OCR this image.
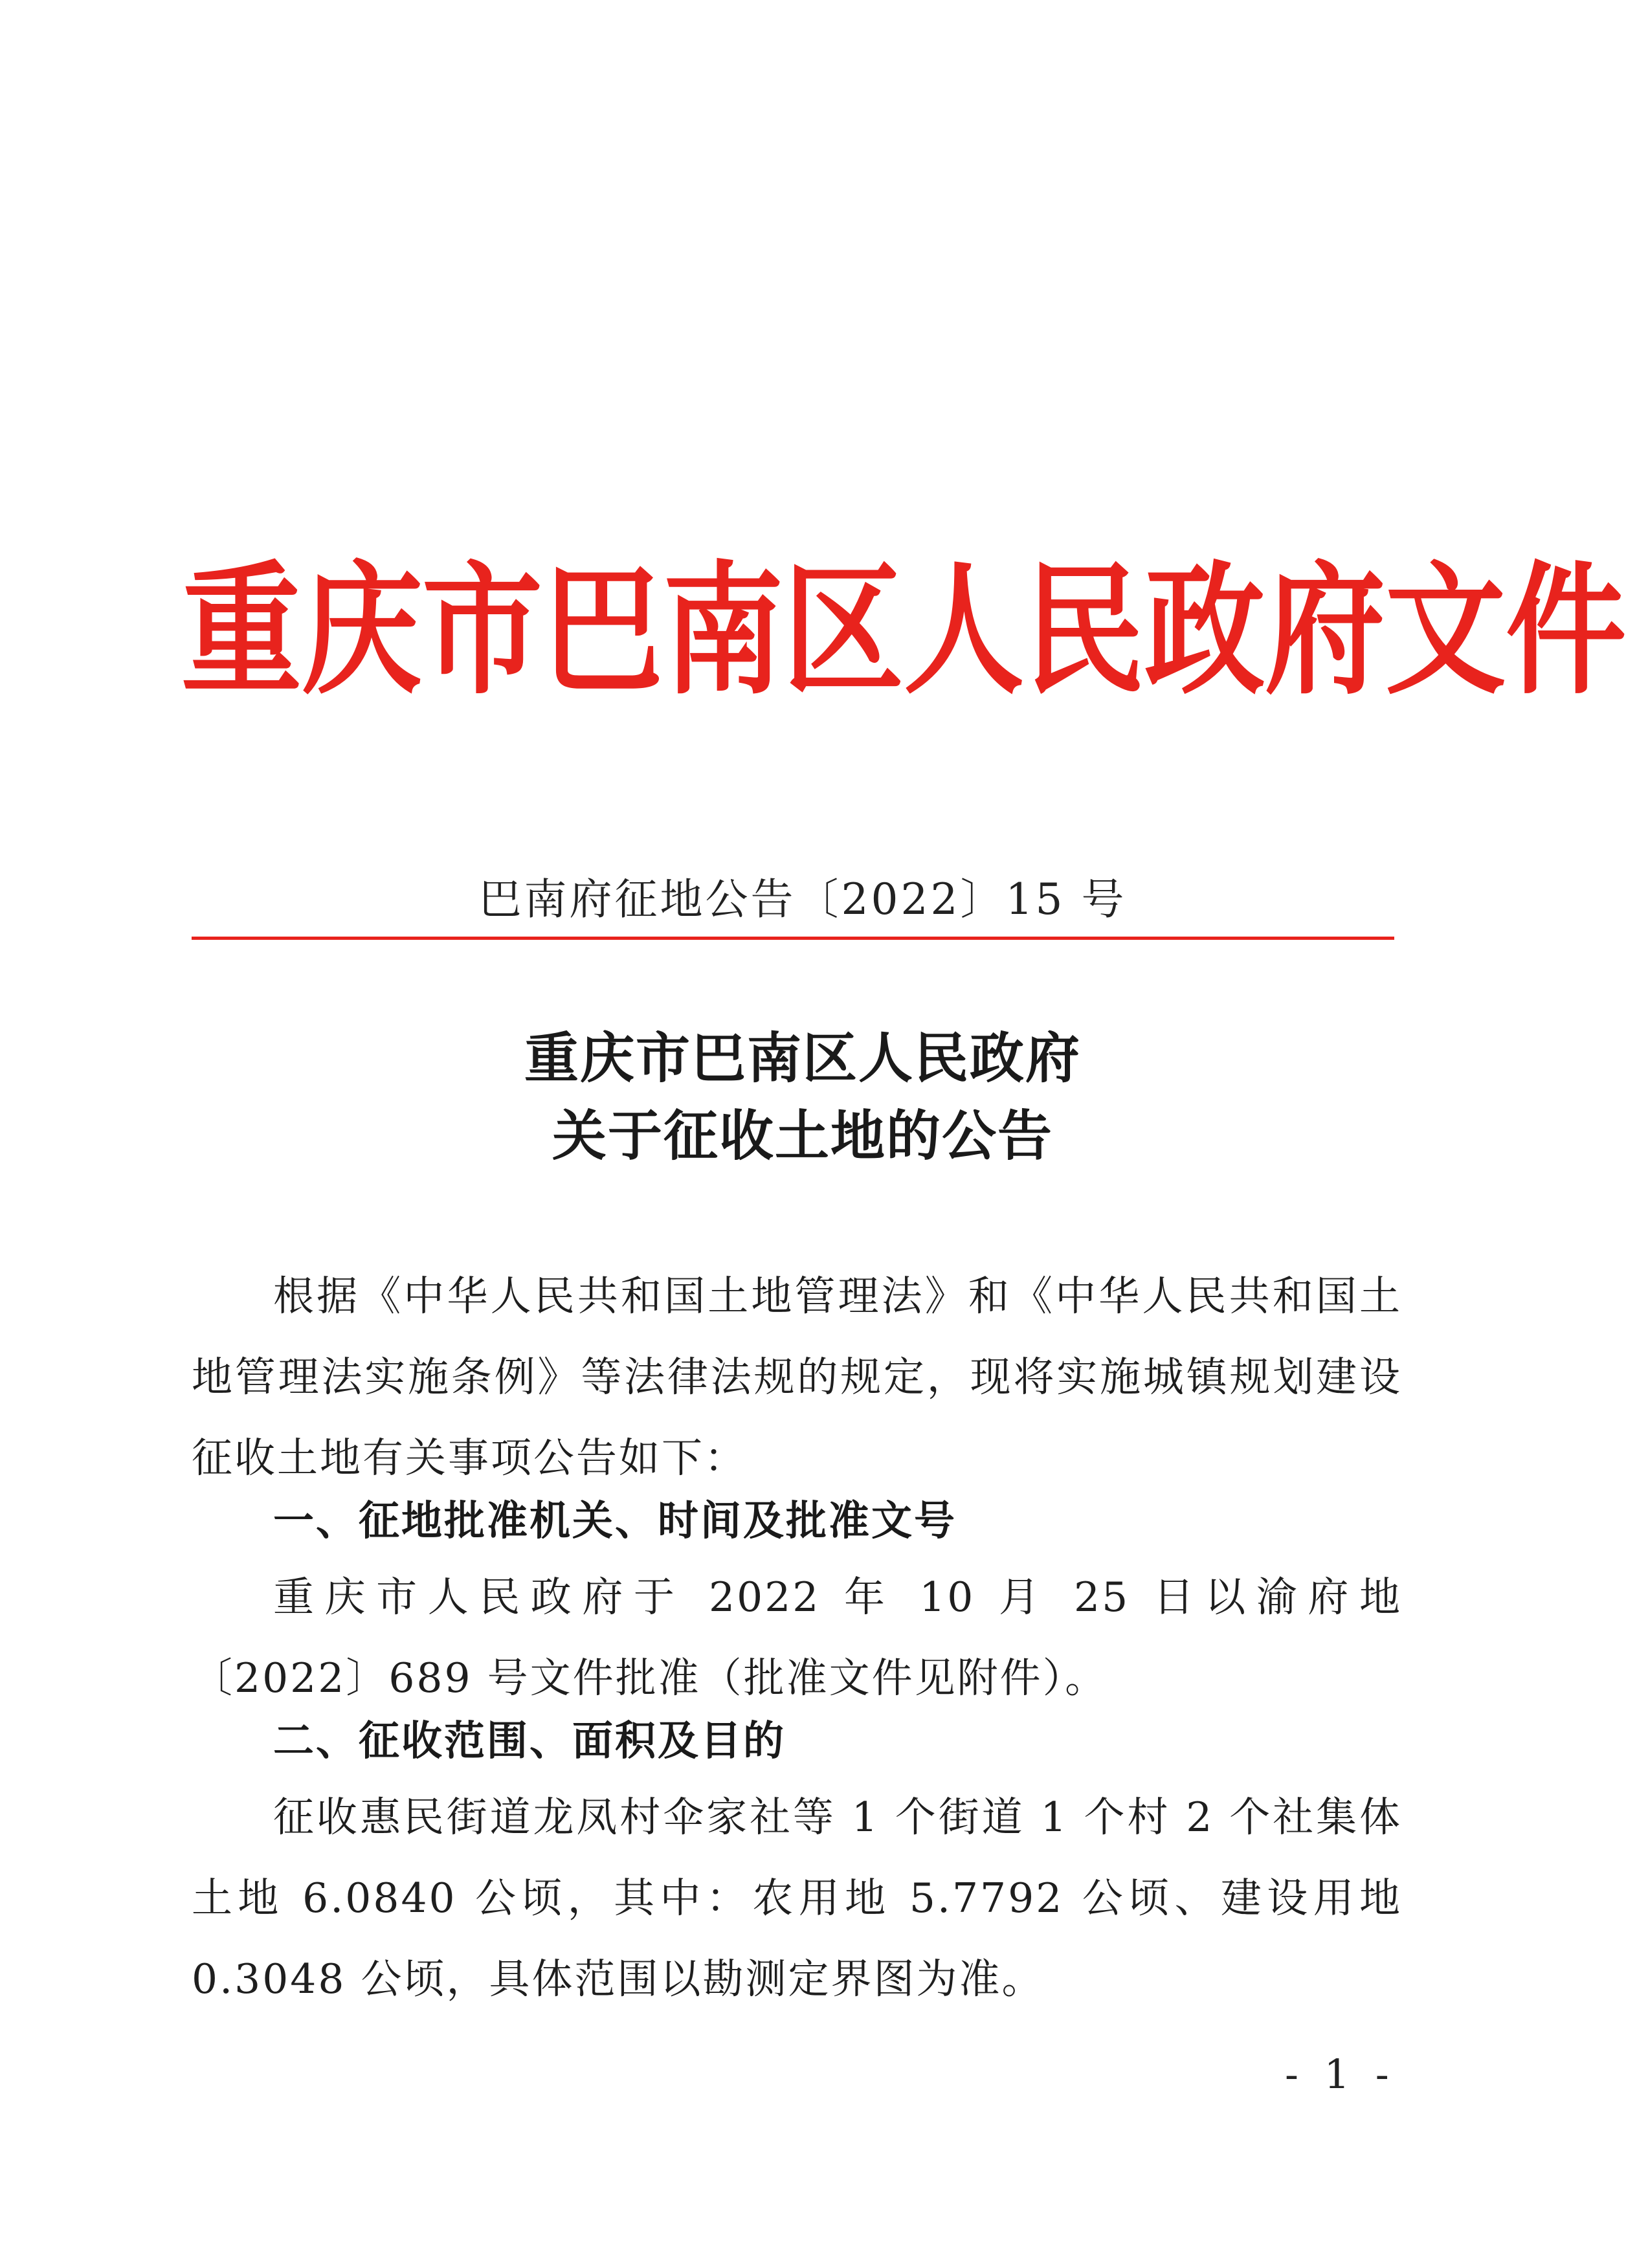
重 庆 市 巴 南 区 人 民 政 府 文 件
巴南府征地公告〔2022〕15 号
重庆市巴南区人民政府
关于征收土地的公告

根据《中华人民共和国土地管理法》和《中华人民共和国土地管理法实施条例》等法律法规的规定，现将实施城镇规划建设征收土地有关事项公告如下：

一、征地批准机关、时间及批准文号

重庆市人民政府于 2022 年 10 月 25 日以渝府地〔2022〕689 号文件批准（批准文件见附件）。

二、征收范围、面积及目的

征收惠民街道龙凤村伞家社等 1 个街道 1 个村 2 个社集体土地 6.0840 公顷，其中：农用地 5.7792 公顷、建设用地 0.3048 公顷，具体范围以勘测定界图为准。

- 1 -
